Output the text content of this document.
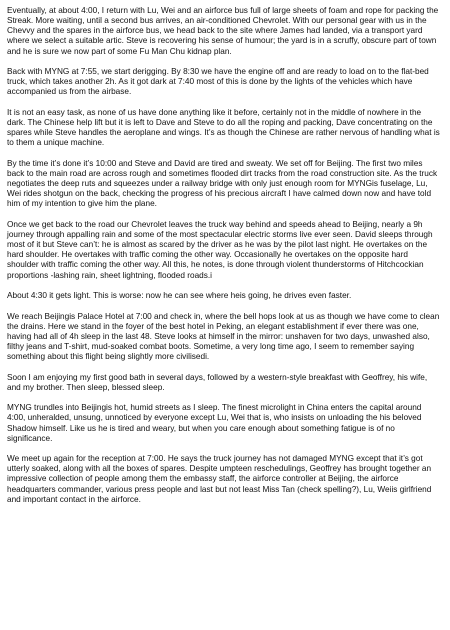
Eventually, at about 4:00, I return with Lu, Wei and an airforce bus full of large sheets of foam and rope for packing the Streak. More waiting, until a second bus arrives, an air-conditioned Chevrolet. With our personal gear with us in the Chevvy and the spares in the airforce bus, we head back to the site where James had landed, via a transport yard where we select a suitable artic. Steve is recovering his sense of humour; the yard is in a scruffy, obscure part of town and he is sure we now part of some Fu Man Chu kidnap plan.

Back with MYNG at 7:55, we start derigging. By 8:30 we have the engine off and are ready to load on to the flat-bed truck, which takes another 2h. As it got dark at 7:40 most of this is done by the lights of the vehicles which have accompanied us from the airbase.

It is not an easy task, as none of us have done anything like it before, certainly not in the middle of nowhere in the dark. The Chinese help lift but it is left to Dave and Steve to do all the roping and packing, Dave concentrating on the spares while Steve handles the aeroplane and wings. It’s as though the Chinese are rather nervous of handling what is to them a unique machine.

By the time it’s done it’s 10:00 and Steve and David are tired and sweaty. We set off for Beijing. The first two miles back to the main road are across rough and sometimes flooded dirt tracks from the road construction site. As the truck negotiates the deep ruts and squeezes under a railway bridge with only just enough room for MYNGis fuselage, Lu, Wei rides shotgun on the back, checking the progress of his precious aircraft I have calmed down now and have told him of my intention to give him the plane.

Once we get back to the road our Chevrolet leaves the truck way behind and speeds ahead to Beijing, nearly a 9h journey through appalling rain and some of the most spectacular electric storms live ever seen. David sleeps through most of it but Steve can’t: he is almost as scared by the driver as he was by the pilot last night. He overtakes on the hard shoulder. He overtakes with traffic coming the other way. Occasionally he overtakes on the opposite hard shoulder with traffic coming the other way. All this, he notes, is done through violent thunderstorms of Hitchcockian proportions -lashing rain, sheet lightning, flooded roads.i

About 4:30 it gets light. This is worse: now he can see where heis going, he drives even faster.

We reach Beijingis Palace Hotel at 7:00 and check in, where the bell hops look at us as though we have come to clean the drains. Here we stand in the foyer of the best hotel in Peking, an elegant establishment if ever there was one, having had all of 4h sleep in the last 48. Steve looks at himself in the mirror: unshaven for two days, unwashed also, filthy jeans and T-shirt, mud-soaked combat boots. Sometime, a very long time ago, I seem to remember saying something about this flight being slightly more civilisedi.

Soon I am enjoying my first good bath in several days, followed by a western-style breakfast with Geoffrey, his wife, and my brother. Then sleep, blessed sleep.

MYNG trundles into Beijingis hot, humid streets as I sleep. The finest microlight in China enters the capital around 4:00, unheralded, unsung, unnoticed by everyone except Lu, Wei that is, who insists on unloading the his beloved Shadow himself. Like us he is tired and weary, but when you care enough about something fatigue is of no significance.

We meet up again for the reception at 7:00. He says the truck journey has not damaged MYNG except that it’s got utterly soaked, along with all the boxes of spares. Despite umpteen reschedulings, Geoffrey has brought together an impressive collection of people among them the embassy staff, the airforce controller at Beijing, the airforce headquarters commander, various press people and last but not least Miss Tan (check spelling?), Lu, Weiis girlfriend and important contact in the airforce.
